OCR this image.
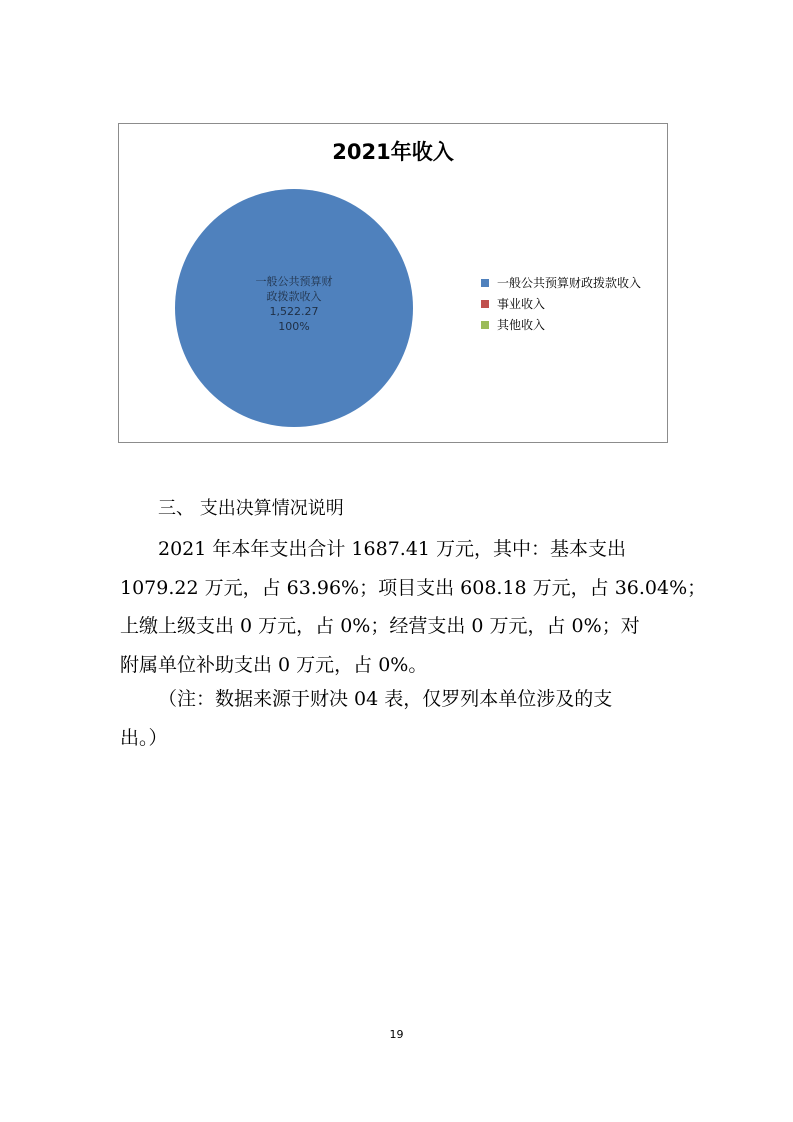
2021年收入
一般公共预算财
政拨款收入
1,522.27
100%
一般公共预算财政拨款收入
事业收入
其他收入
三、 支出决算情况说明
2021 年本年支出合计 1687.41 万元，其中：基本支出
1079.22 万元，占 63.96%；项目支出 608.18 万元，占 36.04%；
上缴上级支出 0 万元，占 0%；经营支出 0 万元，占 0%；对
附属单位补助支出 0 万元，占 0%。
（注：数据来源于财决 04 表，仅罗列本单位涉及的支
出。）
19
